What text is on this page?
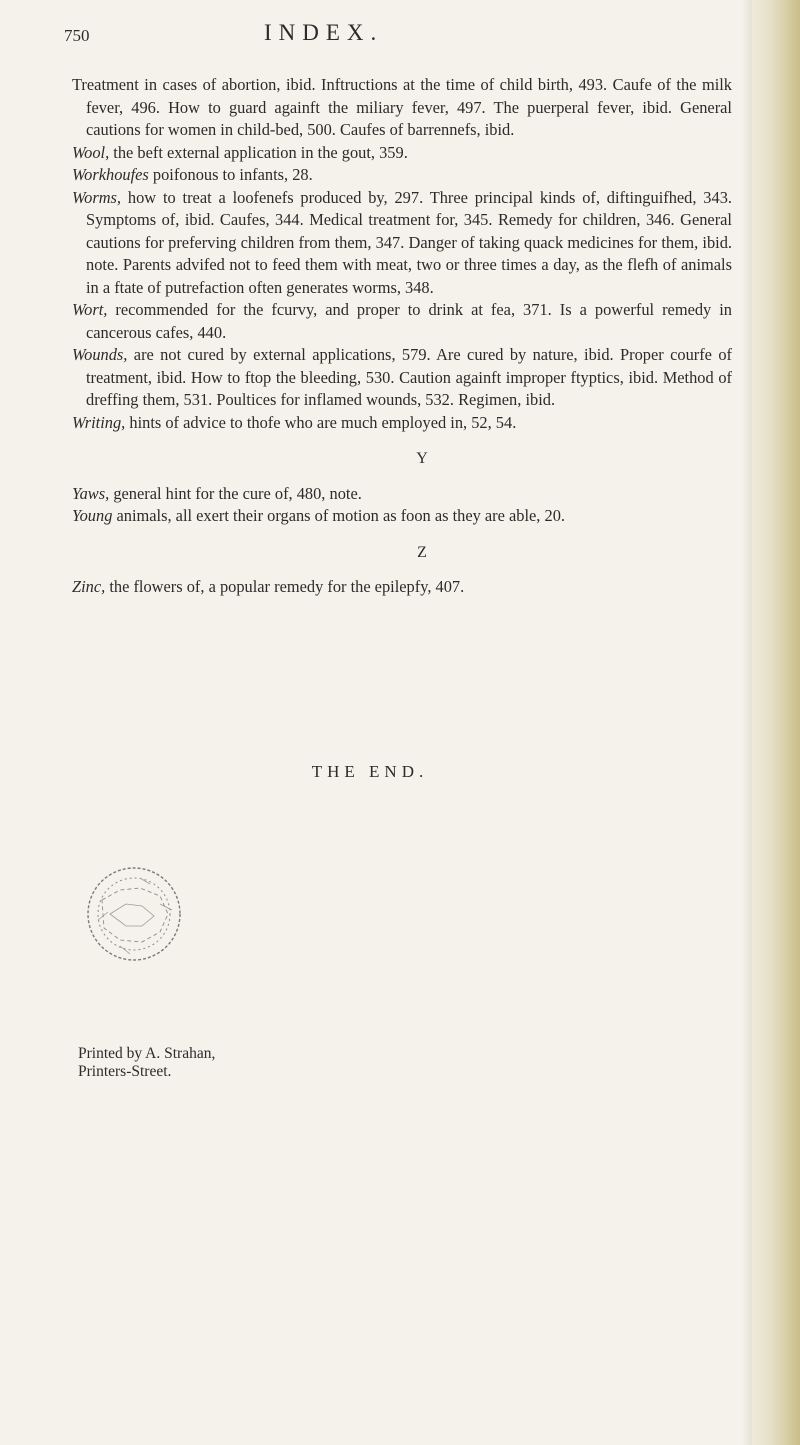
750	INDEX.

Treatment in cases of abortion, ibid. Inftructions at the time of child birth, 493. Caufe of the milk fever, 496. How to guard againft the miliary fever, 497. The puerperal fever, ibid. General cautions for women in child-bed, 500. Caufes of barrennefs, ibid.

Wool, the beft external application in the gout, 359.

Workhoufes poifonous to infants, 28.

Worms, how to treat a loofenefs produced by, 297. Three principal kinds of, diftinguifhed, 343. Symptoms of, ibid. Caufes, 344. Medical treatment for, 345. Remedy for children, 346. General cautions for preferving children from them, 347. Danger of taking quack medicines for them, ibid. note. Parents advifed not to feed them with meat, two or three times a day, as the flefh of animals in a ftate of putrefaction often generates worms, 348.

Wort, recommended for the fcurvy, and proper to drink at fea, 371. Is a powerful remedy in cancerous cafes, 440.

Wounds, are not cured by external applications, 579. Are cured by nature, ibid. Proper courfe of treatment, ibid. How to ftop the bleeding, 530. Caution againft improper ftyptics, ibid. Method of dreffing them, 531. Poultices for inflamed wounds, 532. Regimen, ibid.

Writing, hints of advice to thofe who are much employed in, 52, 54.

Y

Yaws, general hint for the cure of, 480, note.

Young animals, all exert their organs of motion as foon as they are able, 20.

Z

Zinc, the flowers of, a popular remedy for the epilepfy, 407.

THE END.
Printed by A. Strahan,
Printers-Street.
